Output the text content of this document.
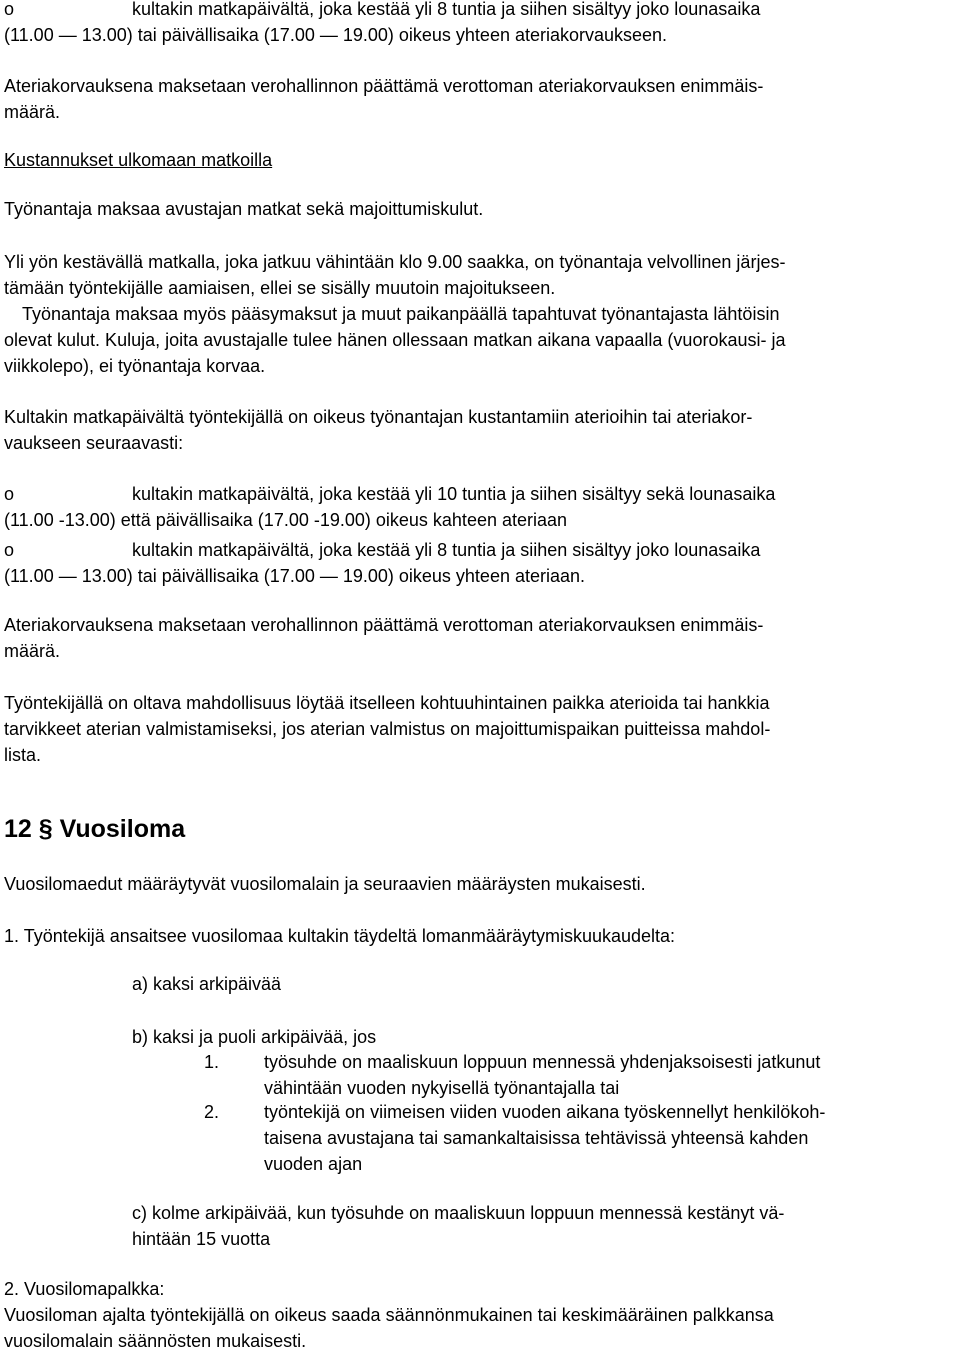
o	kultakin matkapäivältä, joka kestää yli 8 tuntia ja siihen sisältyy joko lounasaika
(11.00 — 13.00) tai päivällisaika (17.00 — 19.00) oikeus yhteen ateriakorvaukseen.
Ateriakorvauksena maksetaan verohallinnon päättämä verottoman ateriakorvauksen enimmäis-
määrä.
Kustannukset ulkomaan matkoilla
Työnantaja maksaa avustajan matkat sekä majoittumiskulut.
Yli yön kestävällä matkalla, joka jatkuu vähintään klo 9.00 saakka, on työnantaja velvollinen järjes-
tämään työntekijälle aamiaisen, ellei se sisälly muutoin majoitukseen.
Työnantaja maksaa myös pääsymaksut ja muut paikanpäällä tapahtuvat työnantajasta lähtöisin
olevat kulut. Kuluja, joita avustajalle tulee hänen ollessaan matkan aikana vapaalla (vuorokausi- ja
viikkolepo), ei työnantaja korvaa.
Kultakin matkapäivältä työntekijällä on oikeus työnantajan kustantamiin aterioihin tai ateriakor-
vaukseen seuraavasti:
o	kultakin matkapäivältä, joka kestää yli 10 tuntia ja siihen sisältyy sekä lounasaika
(11.00 -13.00) että päivällisaika (17.00 -19.00) oikeus kahteen ateriaan
o	kultakin matkapäivältä, joka kestää yli 8 tuntia ja siihen sisältyy joko lounasaika
(11.00 — 13.00) tai päivällisaika (17.00 — 19.00) oikeus yhteen ateriaan.
Ateriakorvauksena maksetaan verohallinnon päättämä verottoman ateriakorvauksen enimmäis-
määrä.
Työntekijällä on oltava mahdollisuus löytää itselleen kohtuuhintainen paikka aterioida tai hankkia
tarvikkeet aterian valmistamiseksi, jos aterian valmistus on majoittumispaikan puitteissa mahdol-
lista.
12 § Vuosiloma
Vuosilomaedut määräytyvät vuosilomalain ja seuraavien määräysten mukaisesti.
1. Työntekijä ansaitsee vuosilomaa kultakin täydeltä lomanmääräytymiskuukaudelta:
a) kaksi arkipäivää
b) kaksi ja puoli arkipäivää, jos
1.	työsuhde on maaliskuun loppuun mennessä yhdenjaksoisesti jatkunut
vähintään vuoden nykyisellä työnantajalla tai
2.	työntekijä on viimeisen viiden vuoden aikana työskennellyt henkilökoh-
taisena avustajana tai samankaltaisissa tehtävissä yhteensä kahden
vuoden ajan
c) kolme arkipäivää, kun työsuhde on maaliskuun loppuun mennessä kestänyt vä-
hintään 15 vuotta
2. Vuosilomapalkka:
Vuosiloman ajalta työntekijällä on oikeus saada säännönmukainen tai keskimääräinen palkkansa
vuosilomalain säännösten mukaisesti.
